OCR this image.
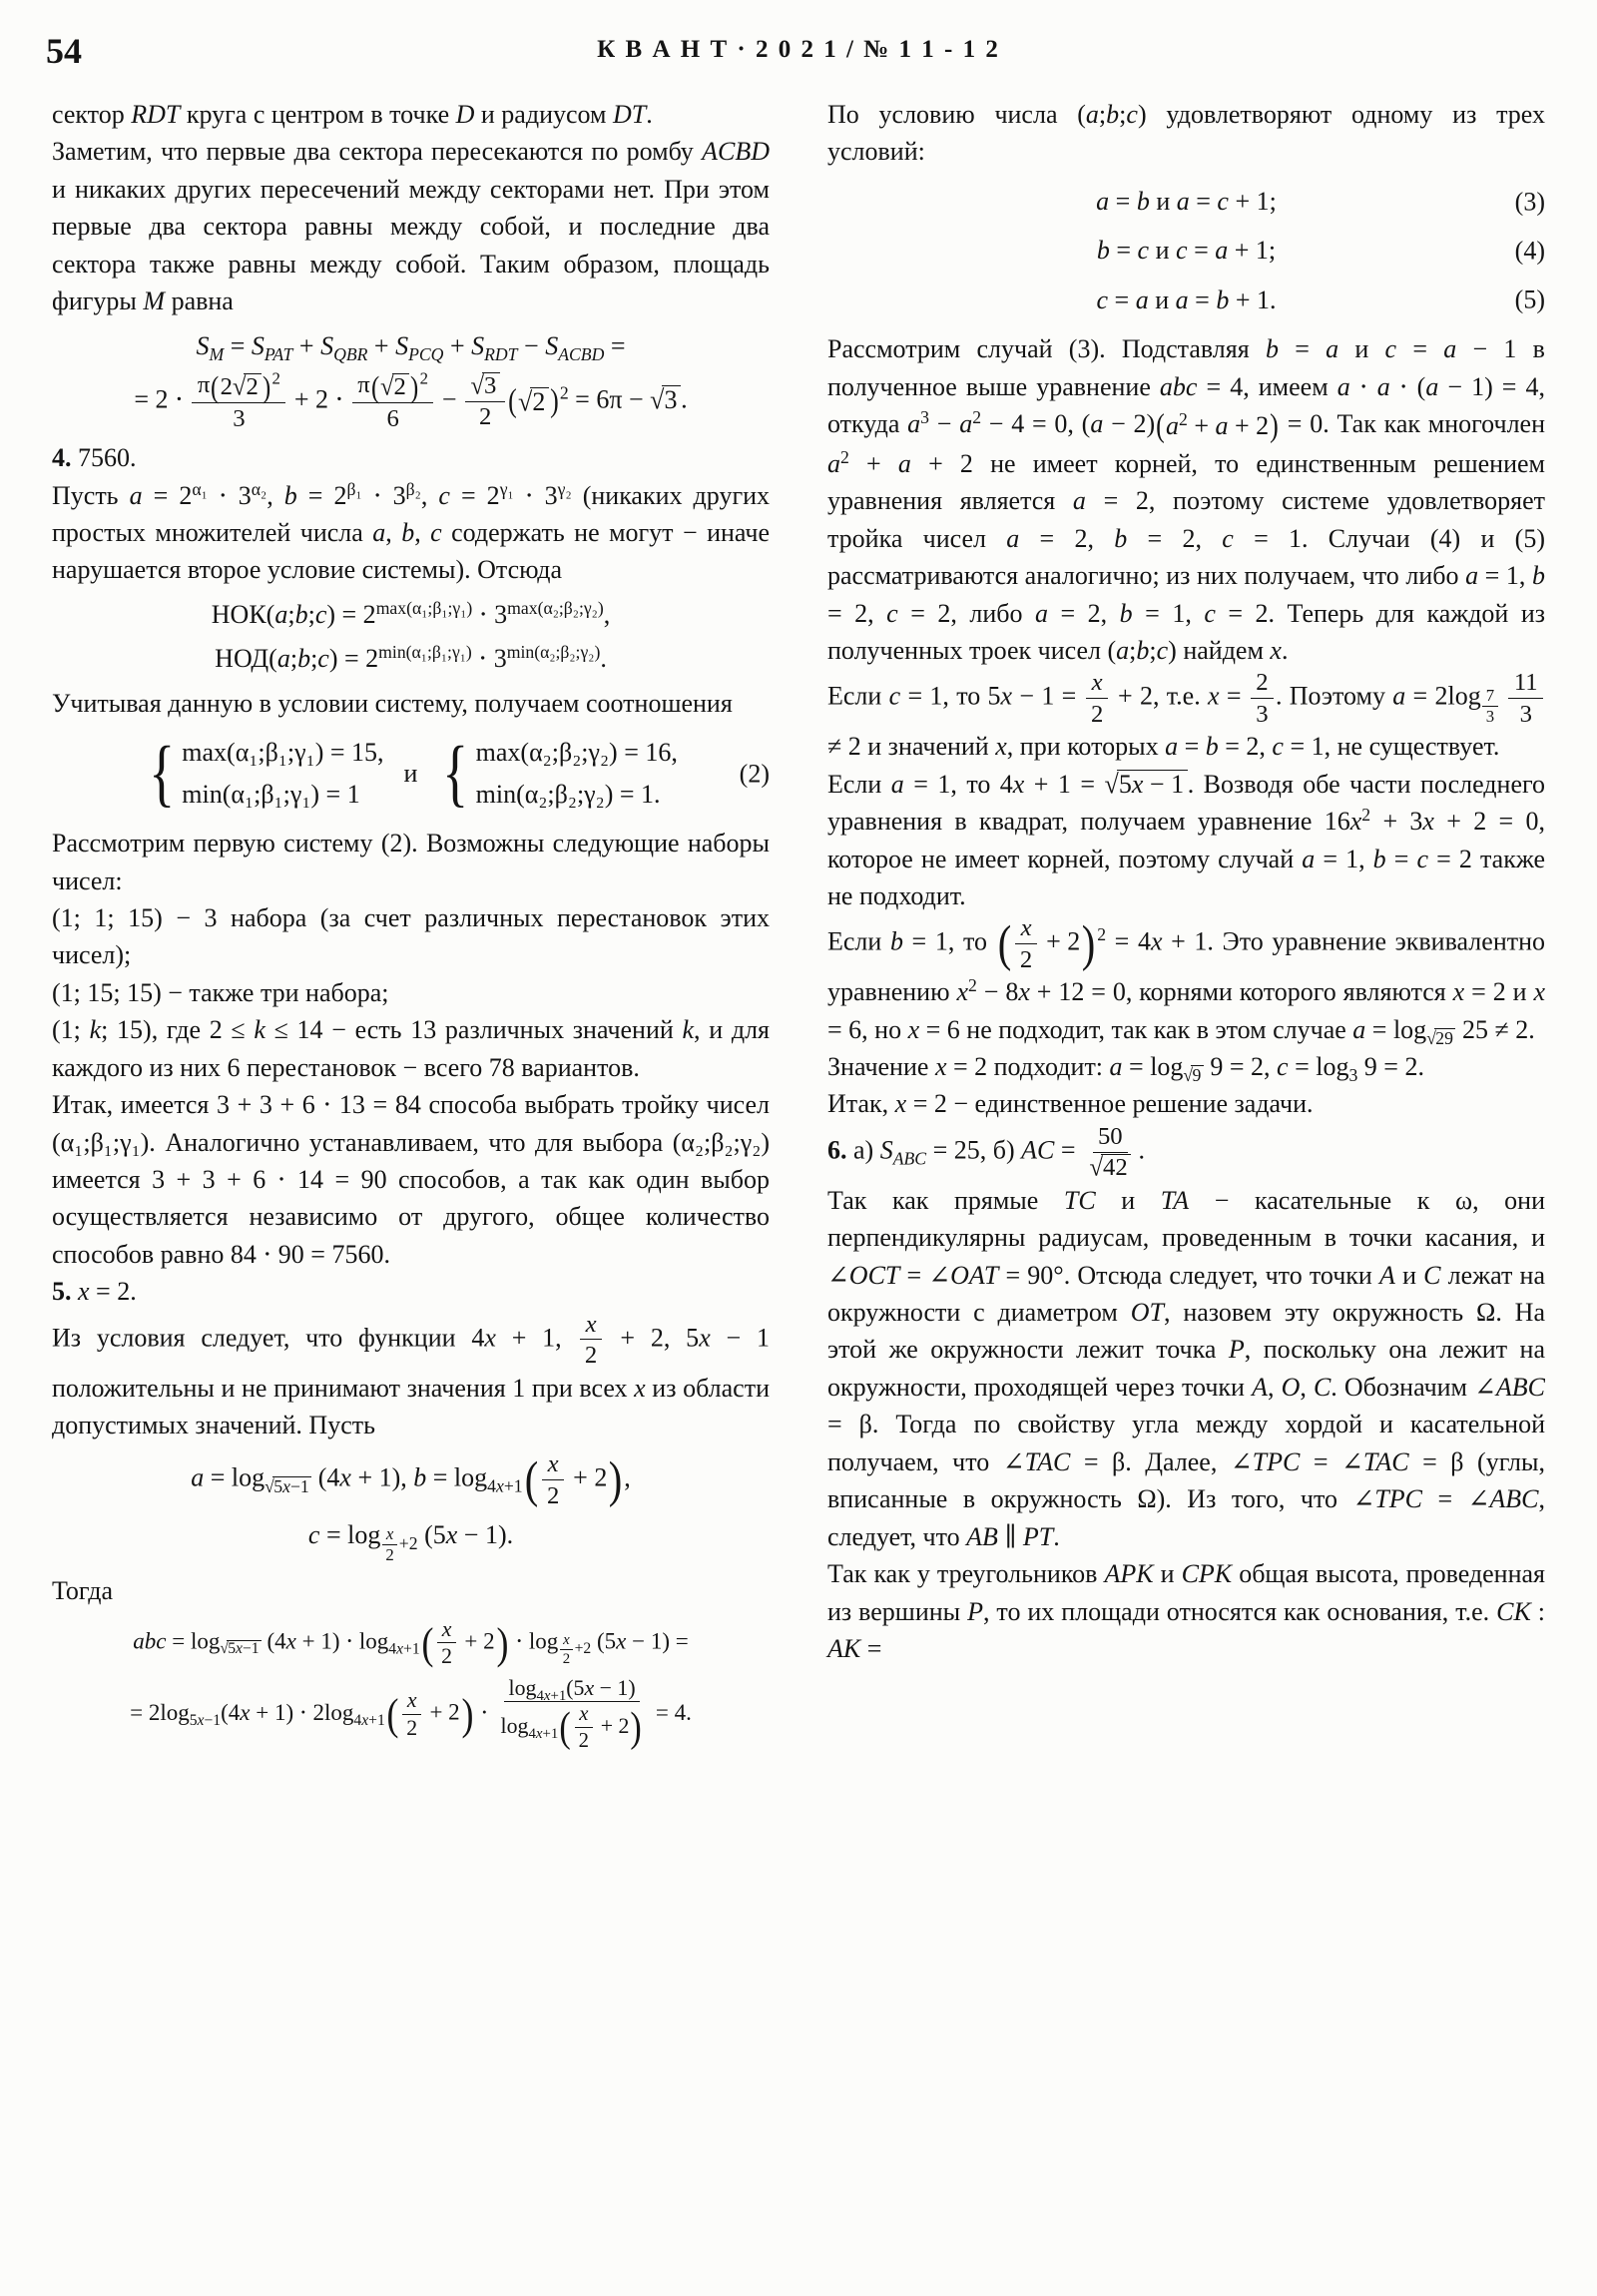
54	К В А Н Т · 2 0 2 1 / № 1 1 - 1 2

сектор RDT круга с центром в точке D и радиусом DT.

Заметим, что первые два сектора пересекаются по ромбу ACBD и никаких других пересечений между секторами нет. При этом первые два сектора равны между собой, и последние два сектора также равны между собой. Таким образом, площадь фигуры M равна

$S_M = S_{PAT} + S_{QBR} + S_{PCQ} + S_{RDT} - S_{ACBD}$ =
= $2 \cdot \frac{\pi ( 2 √ 2 ) ^2}{3} + 2 \cdot \frac{\pi ( √ 2 ) ^2}{6} - \frac{√ 3}{2}$ ( √ 2 ) $^2$ = 6π − √ 3 .

4. 7560.

Пусть $a = 2^{\alpha_1} \cdot 3^{\alpha_2}$, $b = 2^{\beta_1} \cdot 3^{\beta_2}$, $c = 2^{\gamma_1} \cdot 3^{\gamma_2}$ (никаких других простых множителей числа a, b, c содержать не могут − иначе нарушается второе условие системы). Отсюда

НОК(a;b;c) = $2^{max(\alpha_1;\beta_1;\gamma_1)} \cdot 3^{max(\alpha_2;\beta_2;\gamma_2)}$,
НОД(a;b;c) = $2^{min(\alpha_1;\beta_1;\gamma_1)} \cdot 3^{min(\alpha_2;\beta_2;\gamma_2)}$.

Учитывая данную в условии систему, получаем соотношения

{ max(α₁;β₁;γ₁) = 15,
min(α₁;β₁;γ₁) = 1
и { max(α₂;β₂;γ₂) = 16,
min(α₂;β₂;γ₂) = 1.
(2)

Рассмотрим первую систему (2). Возможны следующие наборы чисел:

(1; 1; 15) − 3 набора (за счет различных перестановок этих чисел);

(1; 15; 15) − также три набора;

(1; k; 15), где 2 ≤ k ≤ 14 − есть 13 различных значений k, и для каждого из них 6 перестановок − всего 78 вариантов.

Итак, имеется 3 + 3 + 6 ⋅ 13 = 84 способа выбрать тройку чисел (α₁;β₁;γ₁). Аналогично устанавливаем, что для выбора (α₂;β₂;γ₂) имеется 3 + 3 + 6 ⋅ 14 = 90 способов, а так как один выбор осуществляется независимо от другого, общее количество способов равно 84 ⋅ 90 = 7560.

5. x = 2.

Из условия следует, что функции 4x + 1, $\frac{x}{2} + 2$, 5x − 1 положительны и не принимают значения 1 при всех x из области допустимых значений. Пусть

a = log $_{√ 5x-1}$ (4x + 1), $b = \log_{4x+1}$ ( $\frac{x}{2} + 2$ ) ,
c = log $_{\frac{x}{2} +2}$ (5x − 1).

Тогда

abc = log $_{√ 5x-1}$ $(4x + 1) \cdot \log_{4x+1}$ ( $\frac{x}{2} + 2$ ) ⋅ log $_{\frac{x}{2} +2}$ (5x − 1) =
= $2\log_{5x-1}(4x + 1) \cdot 2\log_{4x+1}$ ( $\frac{x}{2} + 2$ ) ⋅ $\frac{\log_{4x+1}(5x - 1)}{\log_{4x+1} ( \frac{x}{2} + 2 )} = 4$.

По условию числа (a;b;c) удовлетворяют одному из трех условий:

a = b и a = c + 1;	(3)
b = c и c = a + 1;	(4)
c = a и a = b + 1.	(5)

Рассмотрим случай (3). Подставляя b = a и c = a − 1 в полученное выше уравнение abc = 4, имеем a ⋅ a ⋅ (a − 1) = 4, откуда $a^3 - a^2 - 4 = 0$, (a − 2) ( $a^2 + a + 2$ ) = 0. Так как многочлен $a^2 + a + 2$ не имеет корней, то единственным решением уравнения является a = 2, поэтому системе удовлетворяет тройка чисел a = 2, b = 2, c = 1. Случаи (4) и (5) рассматриваются аналогично; из них получаем, что либо a = 1, b = 2, c = 2, либо a = 2, b = 1, c = 2. Теперь для каждой из полученных троек чисел (a;b;c) найдем x.

Если c = 1, то $5x - 1 = \frac{x}{2} + 2$, т.е. $x = \frac{2}{3}$ . Поэтому a = 2log $_{\frac{7}{3}}$
$\frac{11}{3}$
≠ 2 и значений x, при которых a = b = 2, c = 1, не существует.

Если a = 1, то 4x + 1 = √ 5x − 1 . Возводя обе части последнего уравнения в квадрат, получаем уравнение $16x^2 + 3x + 2 = 0$, которое не имеет корней, поэтому случай a = 1, b = c = 2 также не подходит.

Если b = 1, то ( $\frac{x}{2} + 2$ ) $^2$ = 4x + 1. Это уравнение эквивалентно уравнению $x^2 - 8x + 12 = 0$, корнями которого являются x = 2 и x = 6, но x = 6 не подходит, так как в этом случае a = log $_{√ 29}$ 25 ≠ 2.

Значение x = 2 подходит: a = log $_{√ 9}$ 9 = 2, $c = \log_3 9 = 2$.

Итак, x = 2 − единственное решение задачи.

6. а) $S_{ABC} = 25$, б) AC = $\frac{50}{√ 42}$ .

Так как прямые TC и TA − касательные к ω, они перпендикулярны радиусам, проведенным в точки касания, и ∠OCT = ∠OAT = 90°. Отсюда следует, что точки A и C лежат на окружности с диаметром OT, назовем эту окружность Ω. На этой же окружности лежит точка P, поскольку она лежит на окружности, проходящей через точки A, O, C. Обозначим ∠ABC = β. Тогда по свойству угла между хордой и касательной получаем, что ∠TAC = β. Далее, ∠TPC = ∠TAC = β (углы, вписанные в окружность Ω). Из того, что ∠TPC = ∠ABC, следует, что AB ∥ PT.

Так как у треугольников APK и CPK общая высота, проведенная из вершины P, то их площади относятся как основания, т.е. CK : AK =
